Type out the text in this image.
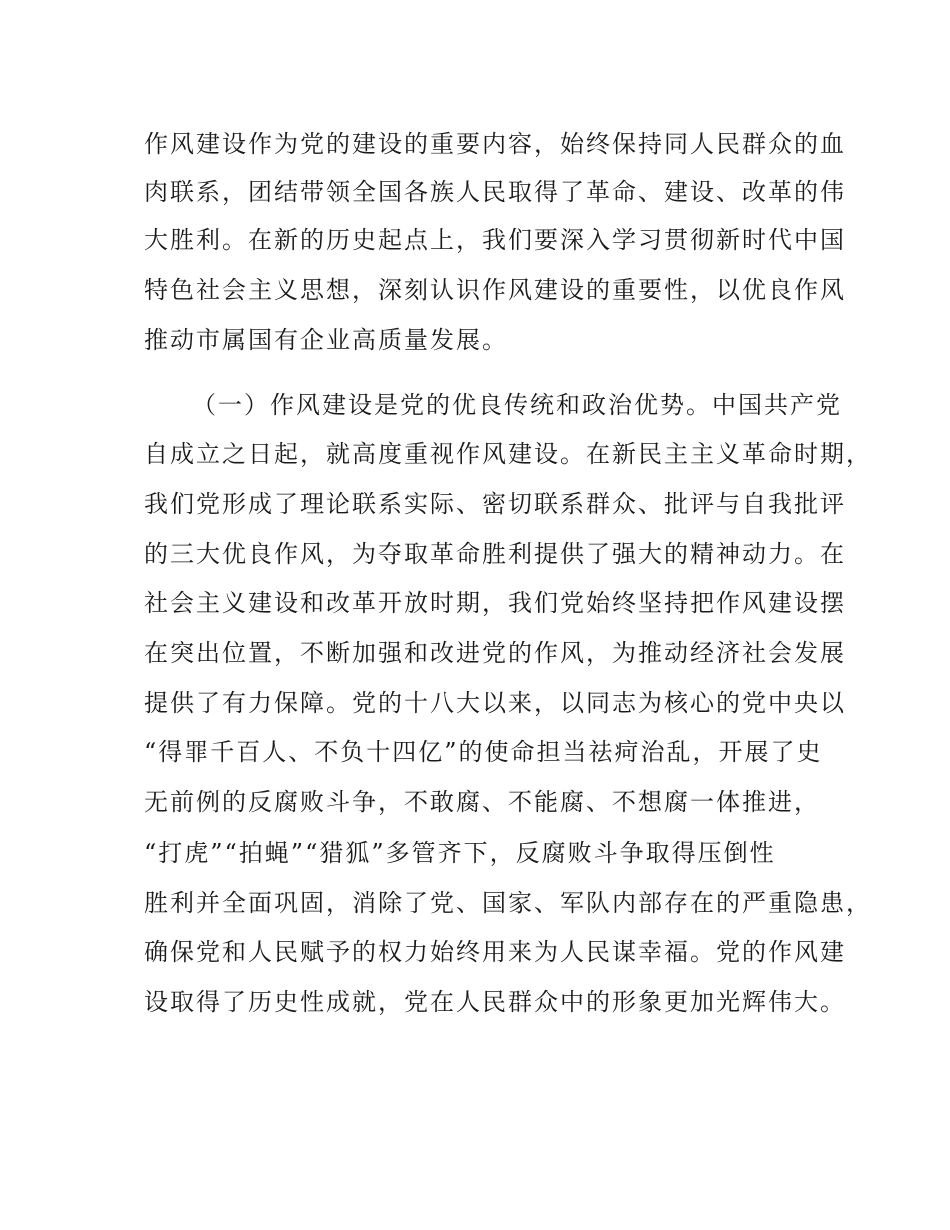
作风建设作为党的建设的重要内容，始终保持同人民群众的血
肉联系，团结带领全国各族人民取得了革命、建设、改革的伟
大胜利。在新的历史起点上，我们要深入学习贯彻新时代中国
特色社会主义思想，深刻认识作风建设的重要性，以优良作风
推动市属国有企业高质量发展。
（一）作风建设是党的优良传统和政治优势。中国共产党
自成立之日起，就高度重视作风建设。在新民主主义革命时期，
我们党形成了理论联系实际、密切联系群众、批评与自我批评
的三大优良作风，为夺取革命胜利提供了强大的精神动力。在
社会主义建设和改革开放时期，我们党始终坚持把作风建设摆
在突出位置，不断加强和改进党的作风，为推动经济社会发展
提供了有力保障。党的十八大以来，以同志为核心的党中央以
“得罪千百人、不负十四亿”的使命担当祛疴治乱，开展了史
无前例的反腐败斗争，不敢腐、不能腐、不想腐一体推进，
“打虎”“拍蝇”“猎狐”多管齐下，反腐败斗争取得压倒性
胜利并全面巩固，消除了党、国家、军队内部存在的严重隐患，
确保党和人民赋予的权力始终用来为人民谋幸福。党的作风建
设取得了历史性成就，党在人民群众中的形象更加光辉伟大。
